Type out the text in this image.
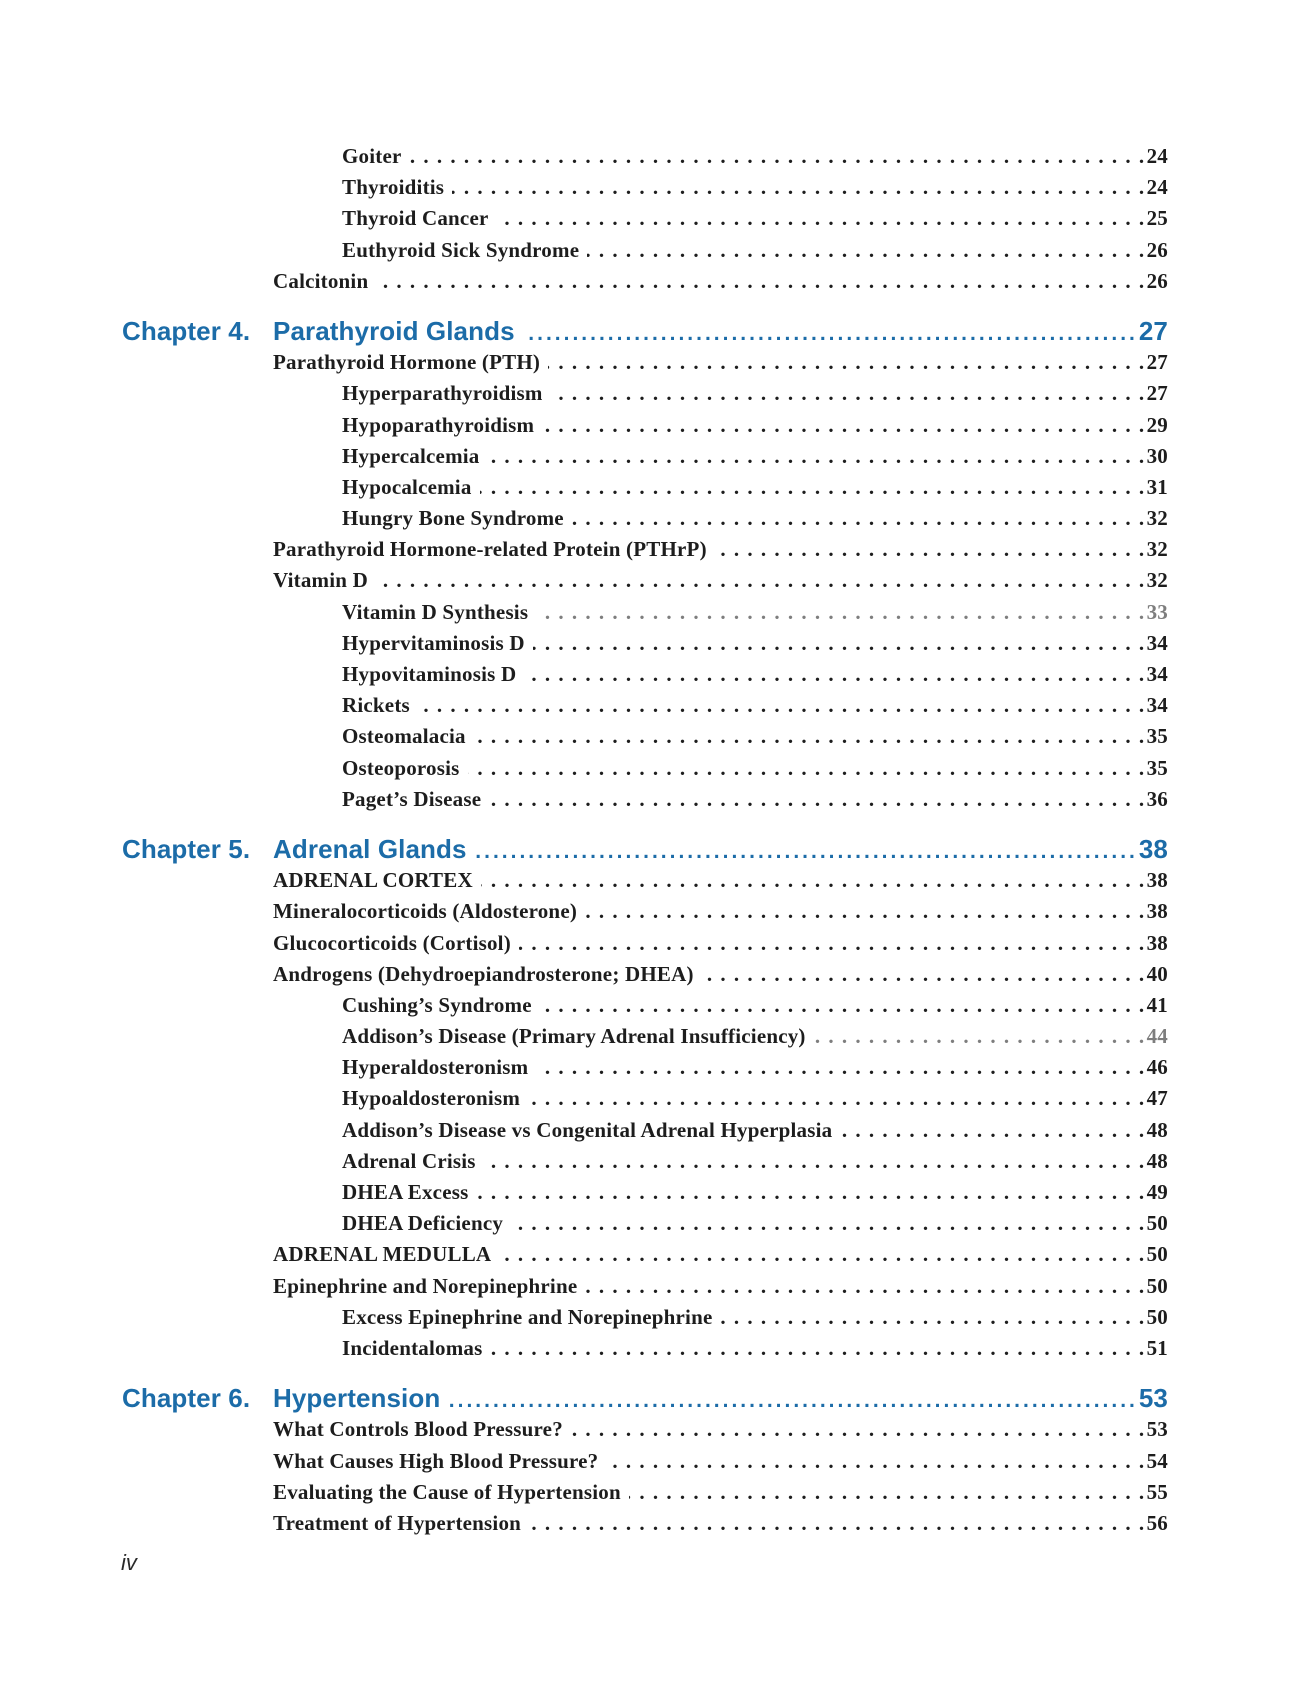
Goiter . . .	24
Thyroiditis . . .	24
Thyroid Cancer . . .	25
Euthyroid Sick Syndrome . . .	26
Calcitonin . . .	26
Chapter 4. Parathyroid Glands .....	27
Parathyroid Hormone (PTH) . . .	27
Hyperparathyroidism . . .	27
Hypoparathyroidism . . .	29
Hypercalcemia . . .	30
Hypocalcemia . . .	31
Hungry Bone Syndrome . . .	32
Parathyroid Hormone-related Protein (PTHrP) . . .	32
Vitamin D . . .	32
Vitamin D Synthesis . . .	33
Hypervitaminosis D . . .	34
Hypovitaminosis D . . .	34
Rickets . . .	34
Osteomalacia . . .	35
Osteoporosis . . .	35
Paget’s Disease . . .	36
Chapter 5. Adrenal Glands .....	38
ADRENAL CORTEX . . .	38
Mineralocorticoids (Aldosterone) . . .	38
Glucocorticoids (Cortisol) . . .	38
Androgens (Dehydroepiandrosterone; DHEA) . . .	40
Cushing’s Syndrome . . .	41
Addison’s Disease (Primary Adrenal Insufficiency) . . .	44
Hyperaldosteronism . . .	46
Hypoaldosteronism . . .	47
Addison’s Disease vs Congenital Adrenal Hyperplasia . . .	48
Adrenal Crisis . . .	48
DHEA Excess . . .	49
DHEA Deficiency . . .	50
ADRENAL MEDULLA . . .	50
Epinephrine and Norepinephrine . . .	50
Excess Epinephrine and Norepinephrine . . .	50
Incidentalomas . . .	51
Chapter 6. Hypertension .....	53
What Controls Blood Pressure? . . .	53
What Causes High Blood Pressure? . . .	54
Evaluating the Cause of Hypertension . . .	55
Treatment of Hypertension . . .	56
iv
